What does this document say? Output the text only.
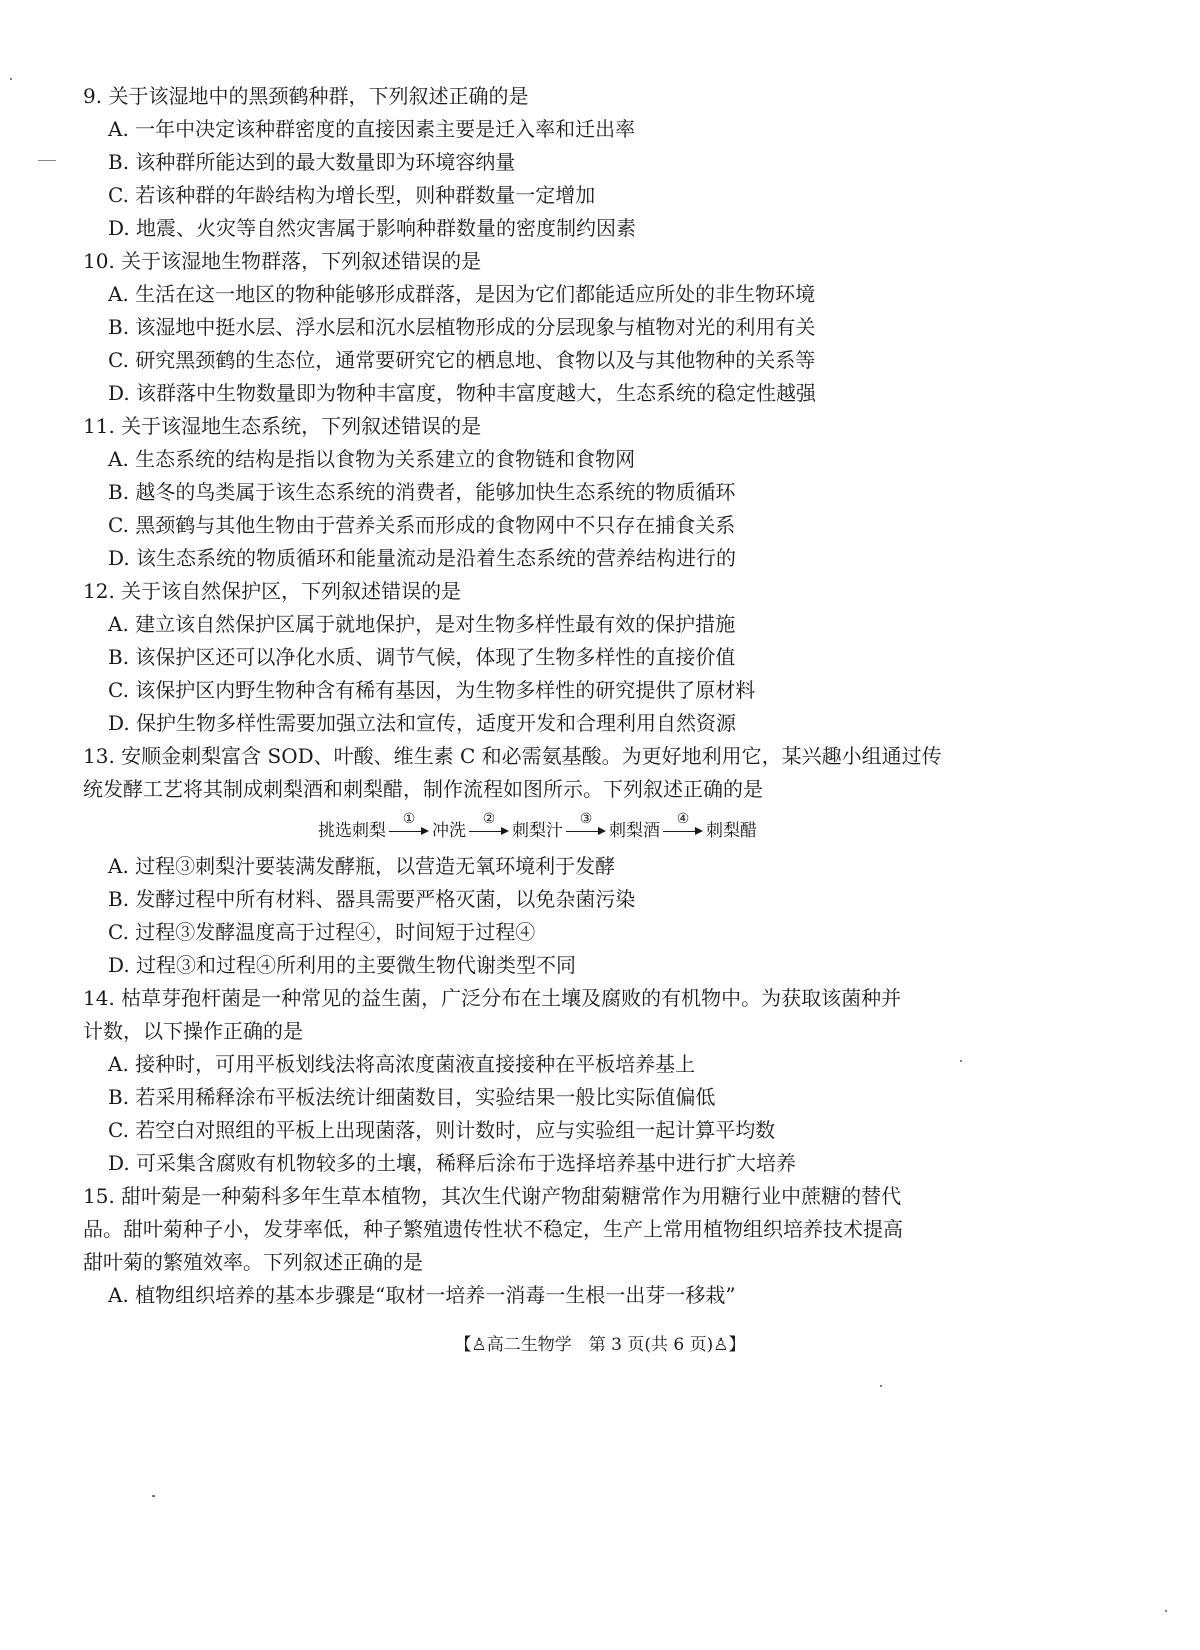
9. 关于该湿地中的黑颈鹤种群，下列叙述正确的是
A. 一年中决定该种群密度的直接因素主要是迁入率和迁出率
B. 该种群所能达到的最大数量即为环境容纳量
C. 若该种群的年龄结构为增长型，则种群数量一定增加
D. 地震、火灾等自然灾害属于影响种群数量的密度制约因素
10. 关于该湿地生物群落，下列叙述错误的是
A. 生活在这一地区的物种能够形成群落，是因为它们都能适应所处的非生物环境
B. 该湿地中挺水层、浮水层和沉水层植物形成的分层现象与植物对光的利用有关
C. 研究黑颈鹤的生态位，通常要研究它的栖息地、食物以及与其他物种的关系等
D. 该群落中生物数量即为物种丰富度，物种丰富度越大，生态系统的稳定性越强
11. 关于该湿地生态系统，下列叙述错误的是
A. 生态系统的结构是指以食物为关系建立的食物链和食物网
B. 越冬的鸟类属于该生态系统的消费者，能够加快生态系统的物质循环
C. 黑颈鹤与其他生物由于营养关系而形成的食物网中不只存在捕食关系
D. 该生态系统的物质循环和能量流动是沿着生态系统的营养结构进行的
12. 关于该自然保护区，下列叙述错误的是
A. 建立该自然保护区属于就地保护，是对生物多样性最有效的保护措施
B. 该保护区还可以净化水质、调节气候，体现了生物多样性的直接价值
C. 该保护区内野生物种含有稀有基因，为生物多样性的研究提供了原材料
D. 保护生物多样性需要加强立法和宣传，适度开发和合理利用自然资源
13. 安顺金刺梨富含 SOD、叶酸、维生素 C 和必需氨基酸。为更好地利用它，某兴趣小组通过传
统发酵工艺将其制成刺梨酒和刺梨醋，制作流程如图所示。下列叙述正确的是
挑选刺梨
①
冲洗
②
刺梨汁
③
刺梨酒
④
刺梨醋
A. 过程③刺梨汁要装满发酵瓶，以营造无氧环境利于发酵
B. 发酵过程中所有材料、器具需要严格灭菌，以免杂菌污染
C. 过程③发酵温度高于过程④，时间短于过程④
D. 过程③和过程④所利用的主要微生物代谢类型不同
14. 枯草芽孢杆菌是一种常见的益生菌，广泛分布在土壤及腐败的有机物中。为获取该菌种并
计数，以下操作正确的是
A. 接种时，可用平板划线法将高浓度菌液直接接种在平板培养基上
B. 若采用稀释涂布平板法统计细菌数目，实验结果一般比实际值偏低
C. 若空白对照组的平板上出现菌落，则计数时，应与实验组一起计算平均数
D. 可采集含腐败有机物较多的土壤，稀释后涂布于选择培养基中进行扩大培养
15. 甜叶菊是一种菊科多年生草本植物，其次生代谢产物甜菊糖常作为用糖行业中蔗糖的替代
品。甜叶菊种子小，发芽率低，种子繁殖遗传性状不稳定，生产上常用植物组织培养技术提高
甜叶菊的繁殖效率。下列叙述正确的是
A. 植物组织培养的基本步骤是“取材一培养一消毒一生根一出芽一移栽”
【♙高二生物学　第 3 页(共 6 页)♙】
